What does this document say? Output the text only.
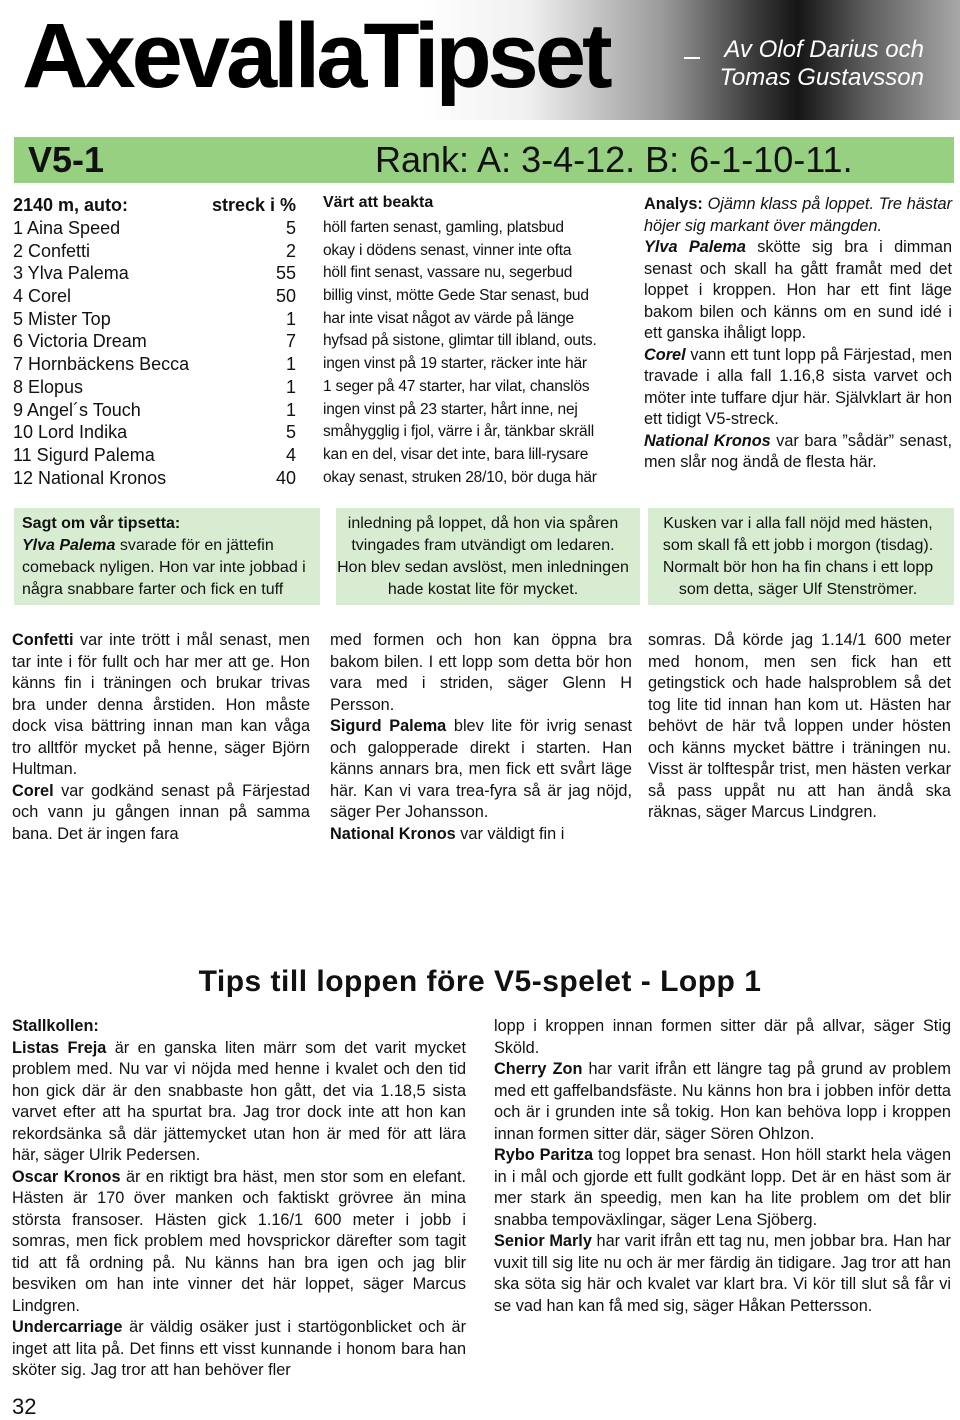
AxevallaTipset	Av Olof Darius och
Tomas Gustavsson
V5-1	Rank: A: 3-4-12. B: 6-1-10-11.
2140 m, auto:	streck i %
1 Aina Speed	5
2 Confetti	2
3 Ylva Palema	55
4 Corel	50
5 Mister Top	1
6 Victoria Dream	7
7 Hornbäckens Becca	1
8 Elopus	1
9 Angel´s Touch	1
10 Lord Indika	5
11 Sigurd Palema	4
12 National Kronos	40
Värt att beakta
höll farten senast, gamling, platsbud
okay i dödens senast, vinner inte ofta
höll fint senast, vassare nu, segerbud
billig vinst, mötte Gede Star senast, bud
har inte visat något av värde på länge
hyfsad på sistone, glimtar till ibland, outs.
ingen vinst på 19 starter, räcker inte här
1 seger på 47 starter, har vilat, chanslös
ingen vinst på 23 starter, hårt inne, nej
småhygglig i fjol, värre i år, tänkbar skräll
kan en del, visar det inte, bara lill-rysare
okay senast, struken 28/10, bör duga här
Analys: Ojämn klass på loppet. Tre hästar höjer sig markant över mängden.
Ylva Palema skötte sig bra i dimman senast och skall ha gått framåt med det loppet i kroppen. Hon har ett fint läge bakom bilen och känns om en sund idé i ett ganska ihåligt lopp.
Corel vann ett tunt lopp på Färjestad, men travade i alla fall 1.16,8 sista varvet och möter inte tuffare djur här. Självklart är hon ett tidigt V5-streck.
National Kronos var bara ”sådär” senast, men slår nog ändå de flesta här.
Sagt om vår tipsetta:
Ylva Palema svarade för en jättefin comeback nyligen. Hon var inte jobbad i några snabbare farter och fick en tuff
inledning på loppet, då hon via spåren tvingades fram utvändigt om ledaren. Hon blev sedan avslöst, men inledningen hade kostat lite för mycket.
Kusken var i alla fall nöjd med hästen, som skall få ett jobb i morgon (tisdag). Normalt bör hon ha fin chans i ett lopp som detta, säger Ulf Stenströmer.
Confetti var inte trött i mål senast, men tar inte i för fullt och har mer att ge. Hon känns fin i träningen och brukar trivas bra under denna årstiden. Hon måste dock visa bättring innan man kan våga tro alltför mycket på henne, säger Björn Hultman.
Corel var godkänd senast på Färjestad och vann ju gången innan på samma bana. Det är ingen fara
med formen och hon kan öppna bra bakom bilen. I ett lopp som detta bör hon vara med i striden, säger Glenn H Persson.
Sigurd Palema blev lite för ivrig senast och galopperade direkt i starten. Han känns annars bra, men fick ett svårt läge här. Kan vi vara trea-fyra så är jag nöjd, säger Per Johansson.
National Kronos var väldigt fin i
somras. Då körde jag 1.14/1 600 meter med honom, men sen fick han ett getingstick och hade halsproblem så det tog lite tid innan han kom ut. Hästen har behövt de här två loppen under hösten och känns mycket bättre i träningen nu. Visst är tolftespår trist, men hästen verkar så pass uppåt nu att han ändå ska räknas, säger Marcus Lindgren.
Tips till loppen före V5-spelet - Lopp 1
Stallkollen:
Listas Freja är en ganska liten märr som det varit mycket problem med. Nu var vi nöjda med henne i kvalet och den tid hon gick där är den snabbaste hon gått, det via 1.18,5 sista varvet efter att ha spurtat bra. Jag tror dock inte att hon kan rekordsänka så där jättemycket utan hon är med för att lära här, säger Ulrik Pedersen.
Oscar Kronos är en riktigt bra häst, men stor som en elefant. Hästen är 170 över manken och faktiskt grövree än mina största fransoser. Hästen gick 1.16/1 600 meter i jobb i somras, men fick problem med hovsprickor därefter som tagit tid att få ordning på. Nu känns han bra igen och jag blir besviken om han inte vinner det här loppet, säger Marcus Lindgren.
Undercarriage är väldig osäker just i startögonblicket och är inget att lita på. Det finns ett visst kunnande i honom bara han sköter sig. Jag tror att han behöver fler
lopp i kroppen innan formen sitter där på allvar, säger Stig Sköld.
Cherry Zon har varit ifrån ett längre tag på grund av problem med ett gaffelbandsfäste. Nu känns hon bra i jobben inför detta och är i grunden inte så tokig. Hon kan behöva lopp i kroppen innan formen sitter där, säger Sören Ohlzon.
Rybo Paritza tog loppet bra senast. Hon höll starkt hela vägen in i mål och gjorde ett fullt godkänt lopp. Det är en häst som är mer stark än speedig, men kan ha lite problem om det blir snabba tempoväxlingar, säger Lena Sjöberg.
Senior Marly har varit ifrån ett tag nu, men jobbar bra. Han har vuxit till sig lite nu och är mer färdig än tidigare. Jag tror att han ska söta sig här och kvalet var klart bra. Vi kör till slut så får vi se vad han kan få med sig, säger Håkan Pettersson.
32
